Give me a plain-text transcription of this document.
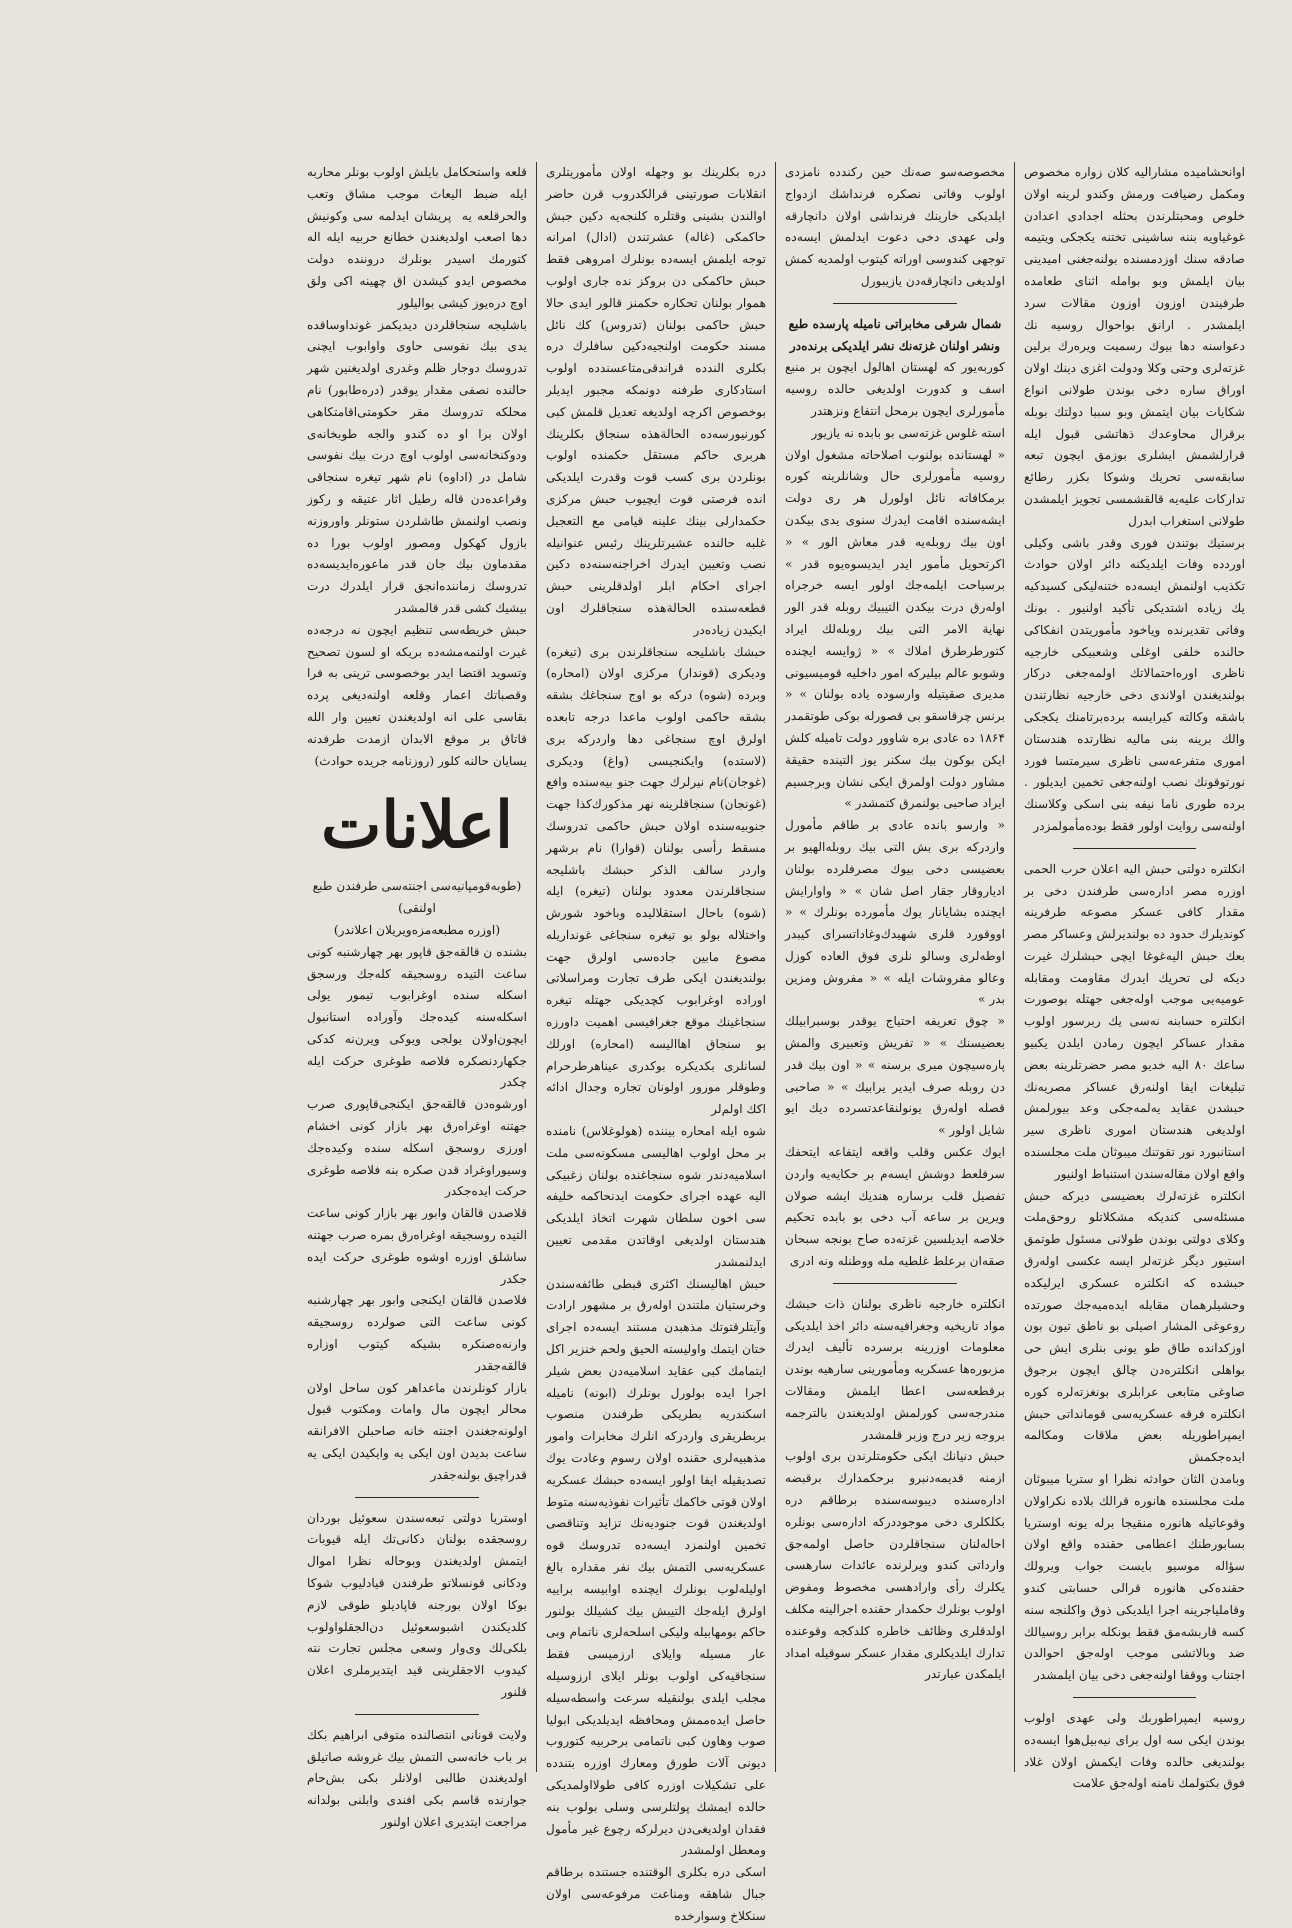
اوانحشامیده مشارالیه کلان زواره مخصوص ومکمل رضیافت ورمش وکندو لرینه اولان خلوص ومحبتلرندن بحثله اجدادی اعدادن غوغیاویه بننه ساشینی تختنه یکجکی ویتیمه صادقه سنك اوزدمسنده بولنه‌جغنی امیدینی بیان ایلمش وبو بوامله اثنای طعامده طرفیندن اوزون اوزون مقالات سرد ایلمشدر . ارانق بواحوال روسیه نك دعواسنه دها بیوك رسمیت ویره‌رك برلین غزته‌لری وحتی وکلا ودولت اغزی دینك اولان اوراق ساره دخی بوندن طولانی انواع شکایات بیان ایتمش وبو سببا دولتك بوبله برقرال محاوعدك ذهاتشی قبول ایله قرارلشمش ایشلری بوزمق ایچون تبعه سابقه‌سی تحریك وشوکا بکزر رطائع تداركات علیه‌یه قالقشمسی تجویز ایلمشدن طولانی استغراب ابدرل

برستیك بوتندن فوری وقدر باشی وکیلی اوردده وفات ایلدیکنه دائر اولان حوادث تکذیب اولنمش ایسه‌ده ختنه‌لیکی کسیدکیه یك زیاده اشتدیکی تأکید اولنیور . بونك وفاتی تقدیرنده ویاخود مأموریتدن انفکاکی حالنده خلفی اوغلی وشعبیکی خارجیه ناظری اوره‌احتمالاتك اولمه‌جغی دركار بولندیغندن اولاندی دخی خارجیه نظارتندن باشقه وکالته کیرایسه برده‌برتامنك یکجکی والك برینه بنی مالیه نظارتده هندستان اموری متفرعه‌سی ناظری سیرمتسا فورد نورتوقونك نصب اولنه‌جغی تخمین ایدیلور . برده طوری ناما نیفه بنی اسکی وکلاسنك اولنه‌سی روایت اولور فقط بوده‌مأمولمزدر

انکلتره دولتی حبش الیه اعلان حرب الحمی اوزره مصر اداره‌سی طرفندن دخی بر مقدار کافی عسکر مصوعه طرفرینه کوندیلرك حدود ده بولندیرلش وعساکر مصر بعك حبش الیه‌غوغا ایچی حبشلرك غیرت دیکه لی تحریك ایدرك مقاومت ومقابله عومیه‌یی موجب اوله‌جغی جهتله بوصورت انکلتره حسابنه نه‌سی یك ربرسور اولوب مقدار عساکر ایچون رمادن ایلدن یکبیو ساعك ۸۰ الیه خدیو مصر حضرتلرینه بعض تبلیغات ایفا اولنه‌رق عساکر مصریه‌نك حبشدن عقاید یه‌لمه‌جکی وعد بیورلمش اولدیغی هندستان اموری ناظری سیر استانبورد نور تقوتنك میبوثان ملت مجلسنده وافع اولان مقاله‌سندن استنباط اولنیور

انکلتره غزته‌لرك بعضیسی دیرکه حبش مسئله‌سی کندیکه مشکلاتلو روحق‌ملت وکلای دولتی بوندن طولانی مسئول طوتمق استیور دیگر غزته‌لر ایسه عکسی اوله‌رق حبشده که انکلتره عسکری ایرلیکده وحشیلرهمان مقابله ایده‌میه‌جك صورتده روعوغی المشار اصیلی بو ناطق تیون بون اوزکدانده طاق طو یونی بنلری ایش حی بواهلی انکلتره‌دن چالق ایچون برجوق صاوغی متابعی عرابلری بونغزته‌لره کوره انکلتره فرقه عسکریه‌سی قومانداتی حبش ایمپراطوریله بعض ملاقات ومکالمه ایده‌جکمش

وبامدن الثان حوادثه نظرا او ستریا میبوثان ملت مجلسنده هانوره قرالك بلاده نکراولان وقوعاتیله هانوره منقیجا برله یونه اوستریا بسابورطنك اعطامی حقنده واقع اولان سؤاله موسیو بایست جواب ویرولك حقنده‌کی هانوره قرالی حسابتی کندو وقاملیاجرینه اجرا ایلدیکی ذوق واکلنجه سنه کسه قاربشه‌مق فقط بونکله برابر روسیالك ضد وبالاتشی موجب اوله‌جق احوالدن اجتناب ووقفا اولنه‌جغی دخی بیان ایلمشدر

روسیه ایمپراطوربك ولی عهدی اولوب بوندن ایکی سه اول برای نیه‌بیل‌هوا ایسه‌ده بولندیغی حالده وفات ایکمش اولان غلاد فوق بکتولمك نامنه اوله‌جق علامت

مخصوصه‌سو صه‌نك حین رکندده نامزدی اولوب وفاتی نصکره فرنداشك ازدواج ایلدیکی خارینك فرنداشی اولان دانچارقه ولی عهدی دخی دعوت ایدلمش ایسه‌ده توجهی کندوسی اوراته کیتوب اولمدیه کمش اولدیغی دانچارقه‌دن یازیبورل

شمال شرقی مخابراتی نامیله پارسده طبع ونشر اولنان غزته‌نك نشر ایلدیکی برنده‌در

کوربه‌یور که لهستان اهالول ایچون بر منبع اسف و کدورت اولدیغی حالده روسیه مأمورلری ایچون برمحل انتفاع ونزهتدر

استه غلوس غزته‌سی بو بابده نه یازیور

« لهستانده بولنوب اصلاحاته مشغول اولان روسیه مأمورلری حال وشانلرینه کوره برمکافاته نائل اولورل هر ری دولت ایشه‌سنده اقامت ایدرك سنوی یدی بیکدن اون بیك روبله‌یه قدر معاش الور » « اکرتحویل مأمور ایدر ایدیسوه‌یوه قدر » برسیاحت ایلمه‌جك اولور ایسه خرجراه اوله‌رق درت بیکدن التیبیك روبله قدر الور نهایة الامر التی بیك روبله‌لك ایراد کتورطرطرق املاك » « ژوایسه ایچنده وشوبو عالم بیلیرکه امور داخلیه قومیسیونی مدیری صقیتیله وارسوده یاده بولنان » « برنس چرقاسقو بی قصورله بوکی طوتقمدر ۱۸۶۴ ده عادی بره شاوور دولت تامیله کلش ایکن بوکون بیك سکنر یوز التینده حقیقة مشاور دولت اولمرق ایکی نشان وبرجسیم ایراد صاحبی بولنمرق کتمشدر »

« وارسو بانده عادی بر طاقم مأمورل واردرکه بری بش التی بیك روبله‌الهیو بر بعضیسی دخی بیوك مصرفلرده بولنان ادیاروقار جقار اصل شان » « واوارایش ایچنده بشایانار یوك مأمورده بونلرك » « اووقورد قلری شهیدك‌وغاداتسرای کیبدر اوطه‌لری وسالو نلری فوق العاده کوزل وعالو مفروشات ایله » « مفروش ومزین بدر »

« چوق تعریفه احتیاج یوقدر بوسبرابیلك بعضیسنك » « تفریش وتعبیری والمش پاره‌سیچون میری برسنه » « اون بیك قدر دن روبله صرف ایدیر یرابیك » « صاحبی قصله اوله‌رق یونولنقاعدتسرده دیك ایو شایل اولور »

ایوك عکس وقلب واقعه ایتفاعه ایتحفك سرفلعط دوشش ایسه‌م بر حکایه‌یه واردن تفصیل قلب برساره هندیك ایشه صولان ویرین بر ساعه آب دخی بو بابده ‌تحکیم خلاصه ایدیلسین غزته‌ده صاح بونجه سبحان ‌صقه‌ان‌ برعلط غلطیه مله ووطنله ونه ادری

انکلتره خارجیه ناظری بولنان ذات حبشك مواد تاریخیه وجغرافیه‌سنه دائر اخذ ایلدیکی معلومات اوزرینه برسرده تألیف ایدرك مزبوره‌ها عسکریه ومأمورینی سارهیه بوندن برقطعه‌سی اعطا ایلمش ومقالات مندرجه‌سی کورلمش اولدیغندن بالترجمه بروجه زیر درج وزبر قلمشدر

حبش دنیانك ایکی حکومتلرندن بری اولوب ازمنه قدیمه‌دنبرو برحکمدارك برقبضه اداره‌سنده دیبوسه‌سنده برطاقم دره بکلکلری دخی موجوددرکه اداره‌سی بونلره احاله‌لنان سنجاقلردن حاصل اولمه‌جق وارداتی کندو ویرلرنده عائدات سارهسی یکلرك رأی وارادهسی مخصوط ومفوض اولوب بونلرك حکمدار حقنده اجرالینه مکلف اولدقلری وظائف خاطره کلدکجه وقوعنده تدارك ایلدیکلری مقدار عسکر سوقیله امداد ایلمکدن عبارتدر

دره بکلرینك بو وجهله اولان مأموریتلری انقلابات صورتینی قرالکدروب قرن حاضر اوالندن بشینی وقتلره کلنجه‌یه دکین جبش حاکمکی (غاله) عشرتندن (ادال) امرانه توجه ایلمش ایسه‌ده بونلرك امروهی فقط حبش حاکمکی دن بروکز نده جاری اولوب هموار بولنان تحکاره حکمنز قالور ایدی حالا حبش حاکمی بولنان (تدروس) كك نائل مسند حکومت اولنجیه‌دکین سافلرك دره بکلری الندده قراندقی‌متاعسند‌‌ده‌ ‌اولوب استادکاری طرفنه دونمکه مجبور ایدیلر بوخصوص اکرچه اولدیغه تعدیل قلمش کبی کورنیورسه‌ده الحالة‌هذه سنجاق بکلرینك هربری حاکم مستقل حکمنده اولوب بونلردن بری کسب قوت وقدرت ایلدیکی انده فرصتی فوت ایچیوب حبش مرکزی حکمدارلی بینك علینه قیامی مع التعجیل غلبه حالنده عشیرتلرینك رئیس عنوانیله نصب وتعیین ایدرك اخراجنه‌سنه‌ده دکین اجرای احکام ابلر اولدقلرینی حبش قطعه‌سنده الحالة‌هذه سنجاقلرك اون ایکیدن زیاده‌در

حبشك باشلیجه سنجاقلرندن بری (تیغره) ودیکری (قوندار) مرکزی اولان (امحاره) وبرده (شوه) درکه بو اوج سنجاغك بشقه بشقه حاکمی اولوب ماعدا درجه تابعده اولرق اوچ سنجاغی دها واردرکه بری (لاستده) وایکنجیسی (واغ) ودیکری (غوجان)نام نیرلرك جهت جنو بیه‌سنده وافع (غونجان) سنجاقلرینه نهر مذکورك‌کذا جهت جنوبیه‌سنده اولان حبش حاکمی تدروسك مسقط رأسی بولنان (قوارا) نام برشهر واردر سالف الذکر حبشك باشلیجه سنجاقلرندن معدود بولنان (تیغره) ایله (شوه) باحال استقلالیده وباخود شورش واختلاله بولو بو تیغره سنجاغی غونداریله مصوع مابین جاده‌سی اولرق جهت بولندیغندن ایکی طرف تجارت ومراسلاتی اوراده اوغرابوب کچدیکی جهتله تیغره سنجاغینك موقع جغرافیسی اهمیت داورزه بو سنجاق اهاالیسه (امحاره) اورلك لسانلری بکدیکره بوکدری عیناهرطرحرام وطوقلر مورور اولونان تجاره وجدال ادائه اکك اولم‌لر

شوه ایله امحاره بیننده (هولوغلاس) نامنده بر محل اولوب اهالیسی مسکونه‌سی ملت اسلامیه‌دندر شوه سنجاغنده بولنان زغبیکی الیه عهده اجرای حکومت ایدنحاکمه خلیفه سی اخون سلطان شهرت اتخاذ ایلدیکی هندستان اولدیغی اوقاتدن‌ مقدمی تعیین ایدلنمشدر

حبش اهالیسنك اکثری قبطی طائفه‌سندن وخرستیان ملتندن اوله‌رق بر مشهور ارادت وآیتلرقتوتك مذهبدن مستند ایسه‌ده اجرای ختان ایتمك واولیسته الحیق ولحم خنزیر اکل ایتمامك کبی عقاید اسلامیه‌دن بعض شیلر اجرا ایده‌ بولورل بونلرك (ابونه) نامیله اسکندریه بطریکی طرفندن منصوب بربطریقری واردرکه انلرك مخابرات وامور مذهبیه‌لری حقنده اولان رسوم وعادت یوك تصدیقیله ایفا اولور ایسه‌ده حبشك عسکریه اولان قوتی خاکمك تأثیرات نفوذیه‌سنه متوط اولدیغندن قوت جنودیه‌نك تزاید وتناقصی تخمین اولنمزد ایسه‌ده تدروسك قوه عسکریه‌سی التمش بیك نفر مقداره بالغ اولیله‌لوب بونلرك ایچنده اوابیسه براییه اولرق ایله‌جك التیبش بیك کشیلك بولنور حاکم بومهابیله ولیکی اسلحه‌لری ناتمام وبی ‌عار مسیله وایلای ارزمیسی فقط سنجاقیه‌کی اولوب بونلر‌ ایلای ارزوسیله مجلب ایلدی بولنقیله سرعت واسطه‌سیله حاصل ایده‌ممش ومحافظه ایدیلدیکی ابولیا صوب وهاون کبی ناتمامی برحربیه کتوروب‌ دیونی آلات طورق ومعارك اوزره بتندده علی تشکیلات اوزره کافی طو‌لا‌اولمدیکی حالده ایمشك پولتلرسی وسلی بولوب بنه فقدان اولدیغی‌دن دیرلرکه رچوع غیر مأمول ومعطل اولمشدر

اسکی دره بکلری الوقتنده جستنده برطاقم جبال شاهقه ومناعت مرفوعه‌سی اولان سنکلاخ وسوارخده

قلعه واستحکامل بایلش اولوب بونلر محاربه ایله ضبط الیعاث موجب مشاق وتعب والحرقلعه یه ‌ پریشان ایدلمه سی وکونیش دها اصعب اولدیغندن خطانع حربیه ایله اله کتورمك اسیدر بونلرك دروننده دولت مخصوص ایدو کیشدن اق چهینه اکی ولق اوچ دره‌یوز کیشی بوالیلور

باشلیجه سنجاقلردن دیدیکمز غونداوساقده یدی بیك نفوسی حاوی واوابوب ایچنی تدروسك دوجار ظلم وغدری اولدیغنین‌‌ شهر حالنده نصفی مقدار یوقدر (دره‌طابور) نام محلکه تدروسك مقر حکومتی‌اقامتکاهی اولان برا او ده کندو والجه طوبخانه‌ی ودوکنخانه‌سی اولوب اوچ درت بیك نفوسی شامل‌ در (اداوه) نام شهر تیغره سنجاقی وقراعده‌دن قاله رطیل اثار عتیقه و رکوز ونصب اولنمش طاشلردن ستونلر واوروزنه بازول کهکول ومصور اولوب بورا ده مقدماون بیك جان قدر ماعوره‌ایدیسه‌ده تدروسك زماننده‌ا‌نجق قرار ایلدرك درت بیشیك کشی قدر قالمشدر

حبش خریطه‌سی تنظیم ایچون نه درجه‌ده غیرت اولنمه‌مشه‌ده بریکه او لسون تصحیح وتسوید اقتضا ایدر بوخصوسی ترینی به فرا وقصباتك اعمار وقلعه اولنه‌دیغی‌ پرده بقاسی علی انه اولدیغندن تعیین وار الله قاتاق بر موقع الابدان ازمدت ‌طرفدنه‌ یسایان حالنه کلور (روزنامه جریده حوادث)

اعلانات

(طوبه‌قومپانیه‌سی اجنته‌سی طرفندن طبع اولنقی)

(اوزره مطبعه‌مزه‌ویریلان اعلاندر)

بشنده ن قالقه‌جق قاپور بهر چهارشنبه کونی ساعت التیده روسجیقه کله‌جك ورسجق اسکله سنده اوغرابوب تیمور یولی اسکله‌سنه کیده‌جك وآوراده استانبول ایچون‌اولان یولجی ویوکی ویرن‌نه کدکی جکهاردنصکره فلاصه طوغری حرکت ایله چکدر

اورشوه‌دن قالقه‌جق ایکنجی‌قاپوری صرب جهتنه اوغراه‌رق بهر بازار کونی اخشام اورزی روسجق اسکله سنده وکیده‌جك وسیوراوغراد قدن صکره بنه فلاصه طوغری حرکت ایده‌جکدر

قلاصدن قالقان وابور بهر بازار کونی ساعت التیده روسجیقه اوغراه‌رق بمره صرب جهتنه ساشلق اوزره اوشوه طوغری حرکت ایده جکدر

فلاصدن قالقان ایکنجی وابور بهر چهارشنبه کونی ساعت التی صولرده روسجیقه وارنه‌ه‌صنکره بشیکه کیتوب اوزاره قالقه‌جقدر

بازار کونلرندن ماعداهر کون ساحل اولان محالر ایچون مال وامات ومکتوب قبول اولونه‌جغندن‌ اجنته خانه صاحبلن الافرانقه ساعت بدیدن اون ایکی یه وایکیدن ایکی یه قدراچیق بولنه‌جقدر

اوستریا دولتی تبعه‌سندن سعوئیل بوردان روسجقده بولنان دکانی‌تك ایله قیوبات ایتمش اولدیغندن وبوحاله نظرا اموال ودکانی قونسلاتو طرفندن قیادلیوب شوکا بوکا اولان بورجنه قاپادیلو طوقی لازم کلدیکندن اشبوسعوئیل دن‌‌الجقلو‌اولوب بلکی‌لك وی‌وار ‌وسعی مجلس تجارت نته کیدوب الاجقلرینی قید ایتدیرملری اعلان قلنور

ولایت قونانی انتصالنده متوفی ابراهیم بکك بر باب خانه‌سی التمش بیك غروشه صاتیلق اولدیغندن طالبی اولانلر بکی بش‌حام جوارنده قاسم بکی افندی وابلنی بولدانه ‌مراجعت ایتدیری اعلان اولنور
